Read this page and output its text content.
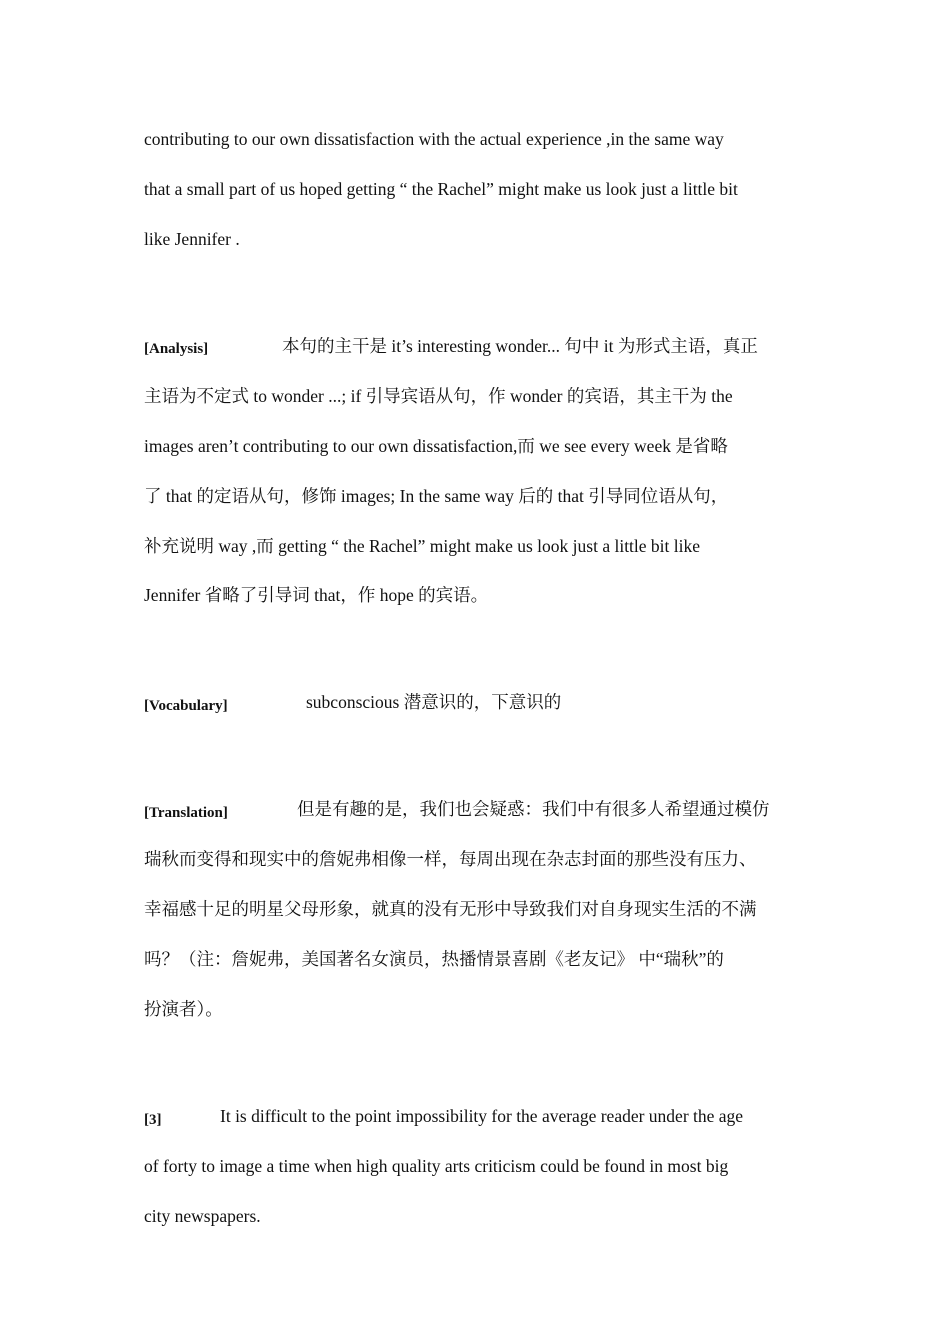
contributing to our own dissatisfaction with the actual experience ,in the same way
that a small part of us hoped getting “ the Rachel” might make us look just a little bit
like Jennifer .
[Analysis]	本句的主干是 it’s interesting wonder... 句中 it 为形式主语，真正
主语为不定式 to wonder ...; if 引导宾语从句，作 wonder 的宾语，其主干为 the
images aren’t contributing to our own dissatisfaction,而 we see every week 是省略
了 that 的定语从句，修饰 images; In the same way 后的 that 引导同位语从句，
补充说明 way ,而 getting “ the Rachel” might make us look just a little bit like
Jennifer 省略了引导词 that，作 hope 的宾语。
[Vocabulary]	subconscious 潜意识的，下意识的
[Translation]	但是有趣的是，我们也会疑惑：我们中有很多人希望通过模仿
瑞秋而变得和现实中的詹妮弗相像一样，每周出现在杂志封面的那些没有压力、
幸福感十足的明星父母形象，就真的没有无形中导致我们对自身现实生活的不满
吗？（注：詹妮弗，美国著名女演员，热播情景喜剧《老友记》 中“瑞秋”的
扮演者）。
[3]	It is difficult to the point impossibility for the average reader under the age
of forty to image a time when high quality arts criticism could be found in most big
city newspapers.
